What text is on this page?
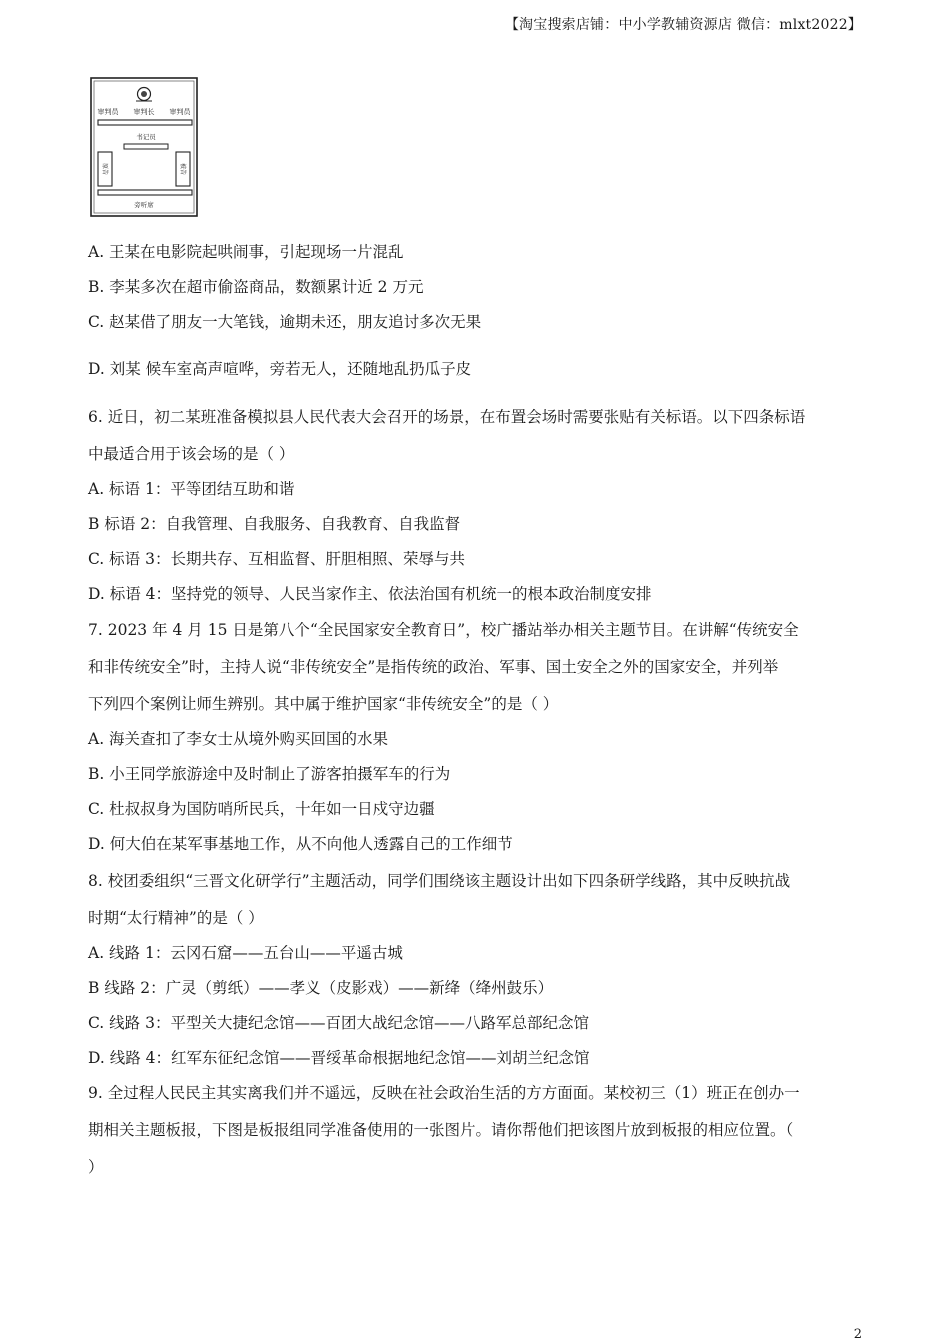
【淘宝搜索店铺：中小学教辅资源店 微信：mlxt2022】
审判员 审判长 审判员
书记员
原告	被告
旁听席
A. 王某在电影院起哄闹事，引起现场一片混乱
B. 李某多次在超市偷盗商品，数额累计近 2 万元
C. 赵某借了朋友一大笔钱，逾期未还，朋友追讨多次无果
D. 刘某 候车室高声喧哗，旁若无人，还随地乱扔瓜子皮
6. 近日，初二某班准备模拟县人民代表大会召开的场景，在布置会场时需要张贴有关标语。以下四条标语
中最适合用于该会场的是（ ）
A. 标语 1：平等团结互助和谐
B 标语 2：自我管理、自我服务、自我教育、自我监督
C. 标语 3：长期共存、互相监督、肝胆相照、荣辱与共
D. 标语 4：坚持党的领导、人民当家作主、依法治国有机统一的根本政治制度安排
7. 2023 年 4 月 15 日是第八个“全民国家安全教育日”，校广播站举办相关主题节目。在讲解“传统安全
和非传统安全”时，主持人说“非传统安全”是指传统的政治、军事、国土安全之外的国家安全，并列举
下列四个案例让师生辨别。其中属于维护国家“非传统安全”的是（ ）
A. 海关查扣了李女士从境外购买回国的水果
B. 小王同学旅游途中及时制止了游客拍摄军车的行为
C. 杜叔叔身为国防哨所民兵，十年如一日戍守边疆
D. 何大伯在某军事基地工作，从不向他人透露自己的工作细节
8. 校团委组织“三晋文化研学行”主题活动，同学们围绕该主题设计出如下四条研学线路，其中反映抗战
时期“太行精神”的是（ ）
A. 线路 1：云冈石窟——五台山——平遥古城
B 线路 2：广灵（剪纸）——孝义（皮影戏）——新绛（绛州鼓乐）
C. 线路 3：平型关大捷纪念馆——百团大战纪念馆——八路军总部纪念馆
D. 线路 4：红军东征纪念馆——晋绥革命根据地纪念馆——刘胡兰纪念馆
9. 全过程人民民主其实离我们并不遥远，反映在社会政治生活的方方面面。某校初三（1）班正在创办一
期相关主题板报，下图是板报组同学准备使用的一张图片。请你帮他们把该图片放到板报的相应位置。（
）
2
